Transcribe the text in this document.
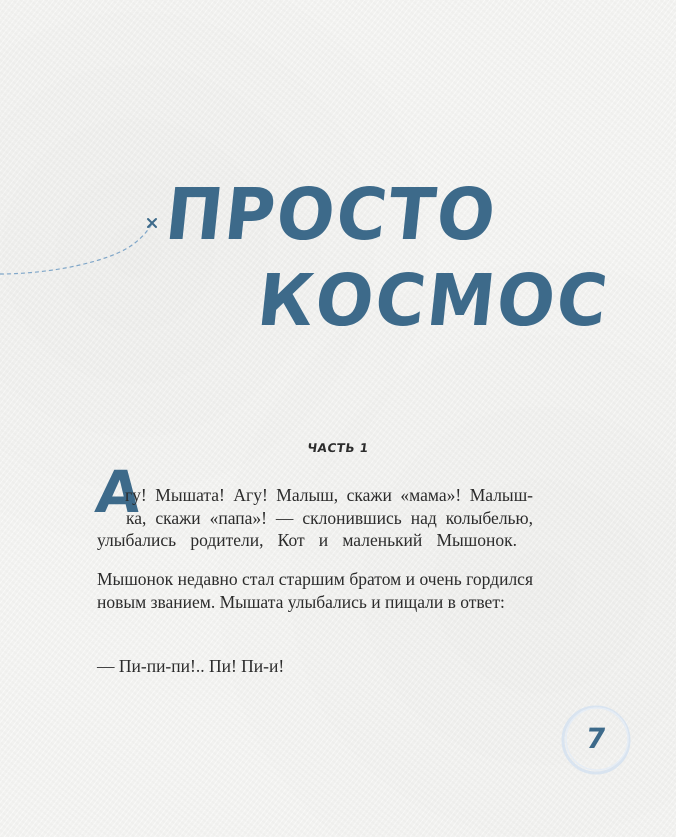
ПРОСТО
КОСМОС
ЧАСТЬ 1
А
гу! Мышата! Агу! Малыш, скажи «мама»! Малыш-
ка, скажи «папа»! — склонившись над колыбелью,
улыбались родители, Кот и маленький Мышонок.
Мышонок недавно стал старшим братом и очень гордился новым званием. Мышата улыбались и пищали в ответ:
— Пи-пи-пи!.. Пи! Пи-и!
7
